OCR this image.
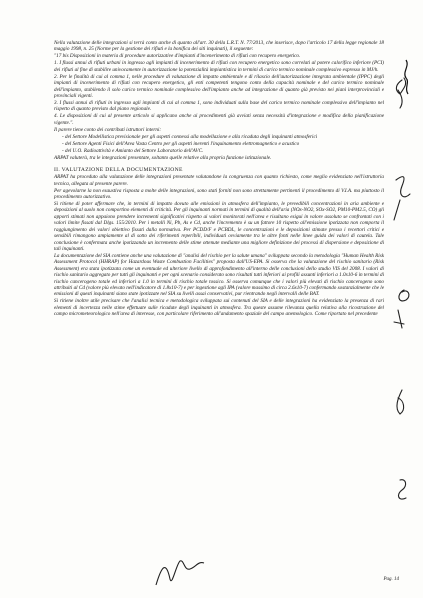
Nella valutazione delle integrazioni si terrà conto anche di quanto all'art. 30 della L.R.T. N. 77/2013, che inserisce, dopo l'articolo 17 della legge regionale 18 maggio 1998, n. 25 (Norme per la gestione dei rifiuti e la bonifica dei siti inquinati), il seguente:

"17 bis Disposizioni in materia di procedure autorizzative d'impianti d'incenerimento di rifiuti con recupero energetico.

1. I flussi annui di rifiuti urbani in ingresso agli impianti di incenerimento di rifiuti con recupero energetico sono correlati al potere calorifico inferiore (PCI) dei rifiuti al fine di stabilire univocamente in autorizzazione la potenzialità impiantistica in termini di carico termico nominale complessivo espresso in MJ/h.

2. Per le finalità di cui al comma 1, nelle procedure di valutazione di impatto ambientale e di rilascio dell'autorizzazione integrata ambientale (IPPC) degli impianti di incenerimento di rifiuti con recupero energetico, gli enti competenti tengono conto della capacità nominale e del carico termico nominale dell'impianto, stabilendo il solo carico termico nominale complessivo dell'impianto anche ad integrazione di quanto già previsto nei piani interprovinciali e provinciali vigenti.

3. I flussi annui di rifiuti in ingresso agli impianti di cui al comma 1, sono individuati sulla base del carico termico nominale complessivo dell'impianto nel rispetto di quanto previsto dal piano regionale.

4. Le disposizioni di cui al presente articolo si applicano anche ai procedimenti già avviati senza necessità d'integrazione e modifica della pianificazione vigente.".

Il parere tiene conto dei contributi istruttori interni:

- del Settore Modellistica previsionale per gli aspetti connessi alla modellazione e alla ricaduta degli inquinanti atmosferici

- del Settore Agenti Fisici dell'Area Vasta Centro per gli aspetti inerenti l'inquinamento elettromagnetico e acustico

- del U.O. Radioattività e Amianto del Settore Laboratorio dell'AVC.

ARPAT valuterà, tra le integrazioni presentate, soltanto quelle relative alla propria funzione istituzionale.

II. VALUTAZIONE DELLA DOCUMENTAZIONE

ARPAT ha proceduto alla valutazione delle integrazioni presentate valutandone la congruenza con quanto richiesto, come meglio evidenziato nell'istruttoria tecnica, allegata al presente parere.

Per agevolarne la non esaustiva risposta a molte delle integrazioni, sono stati forniti non sono strettamente pertinenti il procedimento di V.I.A. ma piuttosto il procedimento autorizzativo.

Si ritiene di poter affermare che, in termini di impatto dovuto alle emissioni in atmosfera dell'impianto, le prevedibili concentrazioni in aria ambiente e deposizioni al suolo non comportino elementi di criticità. Per gli inquinanti normati in termini di qualità dell'aria (NOx-NO2, SOx-SO2, PM10-PM2.5, CO) gli apporti stimati non appaiono prendere incrementi significativi rispetto ai valori monitorati nell'area e risultano esigui in valore assoluto se confrontati con i valori limite fissati dal Dlgs. 155/2010. Per i metalli Ni, Pb, As e Cd, anche l'incremento è su un fattore 10 rispetto all'emissione ipotizzata non comporta il raggiungimento dei valori obiettivo fissati dalla normativa. Per PCDD/F e PCBDL, le concentrazioni e le deposizioni stimate presso i recettori critici e sensibili rimangono ampiamente al di sotto dei riferimenti reperibili, individuati ovviamente tra le altre fonti nelle linee guida dei valori di cautela. Tale conclusione è confermata anche ipotizzando un incremento delle stime ottenute mediante una migliore definizione dei processi di dispersione e deposizione di tali inquinanti.

La documentazione del SIA contiene anche una valutazione di "analisi del rischio per la salute umana" sviluppata secondo la metodologia "Human Health Risk Assessment Protocol (HHRAP) for Hazardous Waste Combustion Facilities" proposta dall'US-EPA. Si osserva che la valutazione del rischio sanitario (Risk Assessment) era stata ipotizzata come un eventuale ed ulteriore livello di approfondimento all'interno delle conclusioni dello studio VIS del 2008. I valori di rischio sanitario aggregato per tutti gli inquinanti e per ogni scenario considerato sono risultati tutti inferiori ai profili assunti inferiori a 1.0x10-6 in termini di rischio cancerogeno totale ed inferiori a 1.0 in termini di rischio totale tossico. Si osserva comunque che i valori più elevati di rischio cancerogeno sono attribuiti al Cd (valore più elevato nell'indicatore di 1.8x10-7) e per ingestione agli IPA (valore massimo di circa 2.6x10-7) confermando sostanzialmente che le emissioni di questi inquinanti siano state ipotizzate nel SIA su livelli assai conservativi, pur rientrando negli intervalli delle BAT.

Si ritiene inoltre utile precisare che l'analisi tecnica e metodologica sviluppata sui contenuti del SIA e delle integrazioni ha evidenziato la presenza di rari elementi di incertezza nelle stime effettuate sulle ricadute degli inquinanti in atmosfera. Tra queste assume rilevanza quella relativa alla ricostruzione del campo micrometeorologico nell'area di interesse, con particolare riferimento all'andamento spaziale del campo anemologico. Come riportato nel precedente

Pag. 14
